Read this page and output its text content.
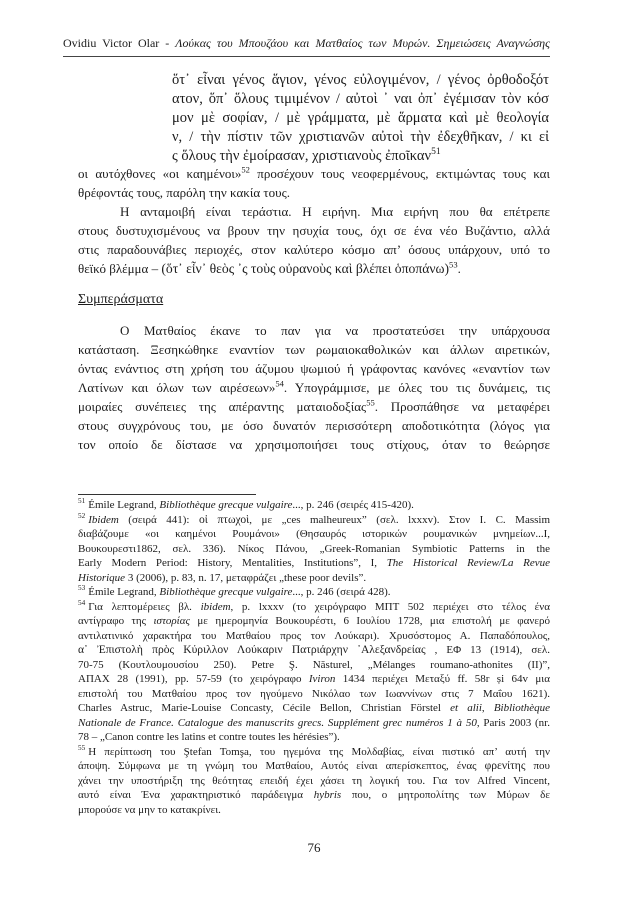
Ovidiu Victor Olar - Λούκας του Μπουζάου και Ματθαίος των Μυρών. Σημειώσεις Αναγνώσης
ὅτ᾽ εἶναι γένος ἅγιον, γένος εὐλογιμένον, / γένος ὀρθοδοξότ
ατον, ὅπ᾽ ὅλους τιμιμένον / αὐτοὶ ᾽ ναι ὀπ᾽ ἐγέμισαν τὸν κόσ
μον μὲ σοφίαν, / μὲ γράμματα, μὲ ἅρματα καὶ μὲ θεολογία
ν, / τὴν πίστιν τῶν χριστιανῶν αὐτοὶ τὴν ἐδεχθῆκαν, / κι εἰ
ς ὅλους τὴν ἐμοίρασαν, χριστιανοὺς ἐποῖκαν$^{51}$
οι αυτόχθονες «οι καημένοι»$^{52}$ προσέχουν τους νεοφερμένους, εκτιμώντας τους και
θρέφοντάς τους, παρόλη την κακία τους.
Η ανταμοιβή είναι τεράστια. Η ειρήνη. Μια ειρήνη που θα επέτρεπε
στους δυστυχισμένους να βρουν την ησυχία τους, όχι σε ένα νέο Βυζάντιο, αλλά
στις παραδουνάβιες περιοχές, στον καλύτερο κόσμο απ’ όσους υπάρχουν, υπό το
θεϊκό βλέμμα – (ὅτ᾽ εἶν᾽ θεὸς ᾽ς τοὺς οὐρανοὺς καὶ βλέπει ὁποπάνω)$^{53}$.
Συμπεράσματα
Ο Ματθαίος έκανε το παν για να προστατεύσει την υπάρχουσα
κατάσταση. Ξεσηκώθηκε εναντίον των ρωμαιοκαθολικών και άλλων αιρετικών,
όντας ενάντιος στη χρήση του άζυμου ψωμιού ή γράφοντας κανόνες «εναντίον των
Λατίνων και όλων των αιρέσεων»$^{54}$. Υπογράμμισε, με όλες του τις δυνάμεις, τις
μοιραίες συνέπειες της απέραντης ματαιοδοξίας$^{55}$. Προσπάθησε να μεταφέρει
στους συγχρόνους του, με όσο δυνατόν περισσότερη αποδοτικότητα (λόγος για
τον οποίο δε δίστασε να χρησιμοποιήσει τους στίχους, όταν το θεώρησε
$^{51}$ Émile Legrand, Bibliothèque grecque vulgaire..., p. 246 (σειρές 415-420).
$^{52}$ Ibidem (σειρά 441): οἱ πτωχοὶ, με „ces malheureux” (σελ. lxxxv). Στον I. C. Massim
διαβάζουμε «οι καημένοι Ρουμάνοι» (Θησαυρός ιστορικών ρουμανικών μνημείων...I,
Βουκουρεστι1862, σελ. 336). Νίκος Πάνου, „Greek-Romanian Symbiotic Patterns in the
Early Modern Period: History, Mentalities, Institutions”, I, The Historical Review/La Revue
Historique 3 (2006), p. 83, n. 17, μεταφράζει „these poor devils”.
$^{53}$ Émile Legrand, Bibliothèque grecque vulgaire..., p. 246 (σειρά 428).
$^{54}$ Για λεπτομέρειες βλ. ibidem, p. lxxxv (το χειρόγραφο ΜΠΤ 502 περιέχει στο τέλος ένα
αντίγραφο της ιστορίας με ημερομηνία Βουκουρέστι, 6 Ιουλίου 1728, μια επιστολή με φανερό
αντιλατινικό χαρακτήρα του Ματθαίου προς τον Λούκαρι). Χρυσόστομος Α. Παπαδόπουλος,
α᾽ Ἐπιστολὴ πρὸς Κύριλλον Λούκαριν Πατριάρχην ᾽Αλεξανδρείας , ΕΦ 13 (1914), σελ.
70-75 (Κουτλουμουσίου 250). Petre Ş. Năsturel, „Mélanges roumano-athonites (II)”,
ΑΠΑΧ 28 (1991), pp. 57-59 (το χειρόγραφο Iviron 1434 περιέχει Μεταξύ ff. 58r și 64v μια
επιστολή του Ματθαίου προς τον ηγούμενο Νικόλαο των Ιωαννίνων στις 7 Μαΐου 1621).
Charles Astruc, Marie-Louise Concasty, Cécile Bellon, Christian Förstel et alii, Bibliothèque
Nationale de France. Catalogue des manuscrits grecs. Supplément grec numéros 1 à 50, Paris 2003 (nr.
78 – „Canon contre les latins et contre toutes les hérésies”).
$^{55}$ Η περίπτωση του Ştefan Tomşa, του ηγεμόνα της Μολδαβίας, είναι πιστικό απ’ αυτή την
άποψη. Σύμφωνα με τη γνώμη του Ματθαίου, Αυτός είναι απερίσκεπτος, ένας φρενίτης που
χάνει την υποστήριξη της θεότητας επειδή έχει χάσει τη λογική του. Για τον Alfred Vincent,
αυτό είναι Ένα χαρακτηριστικό παράδειγμα hybris που, ο μητροπολίτης των Μύρων δε
μπορούσε να μην το κατακρίνει.
76
